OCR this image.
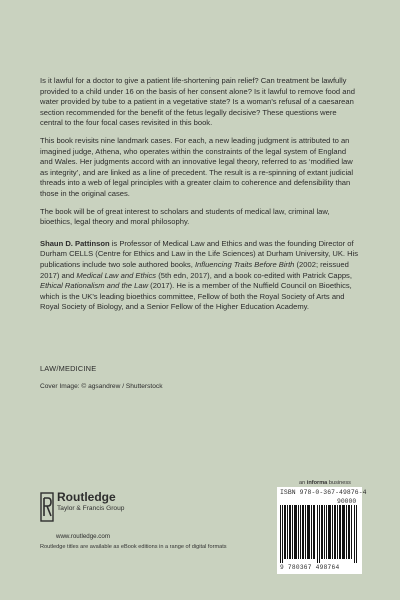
Is it lawful for a doctor to give a patient life-shortening pain relief? Can treatment be lawfully provided to a child under 16 on the basis of her consent alone? Is it lawful to remove food and water provided by tube to a patient in a vegetative state? Is a woman's refusal of a caesarean section recommended for the benefit of the fetus legally decisive? These questions were central to the four focal cases revisited in this book.

This book revisits nine landmark cases. For each, a new leading judgment is attributed to an imagined judge, Athena, who operates within the constraints of the legal system of England and Wales. Her judgments accord with an innovative legal theory, referred to as ‘modified law as integrity’, and are linked as a line of precedent. The result is a re-spinning of extant judicial threads into a web of legal principles with a greater claim to coherence and defensibility than those in the original cases.

The book will be of great interest to scholars and students of medical law, criminal law, bioethics, legal theory and moral philosophy.

Shaun D. Pattinson is Professor of Medical Law and Ethics and was the founding Director of Durham CELLS (Centre for Ethics and Law in the Life Sciences) at Durham University, UK. His publications include two sole authored books, Influencing Traits Before Birth (2002; reissued 2017) and Medical Law and Ethics (5th edn, 2017), and a book co-edited with Patrick Capps, Ethical Rationalism and the Law (2017). He is a member of the Nuffield Council on Bioethics, which is the UK's leading bioethics committee, Fellow of both the Royal Society of Arts and Royal Society of Biology, and a Senior Fellow of the Higher Education Academy.

LAW/MEDICINE
Cover Image: © agsandrew / Shutterstock
an informa business
ISBN 978-0-367-49876-4
90000
9 780367 498764
Routledge
Taylor & Francis Group
www.routledge.com
Routledge titles are available as eBook editions in a range of digital formats
